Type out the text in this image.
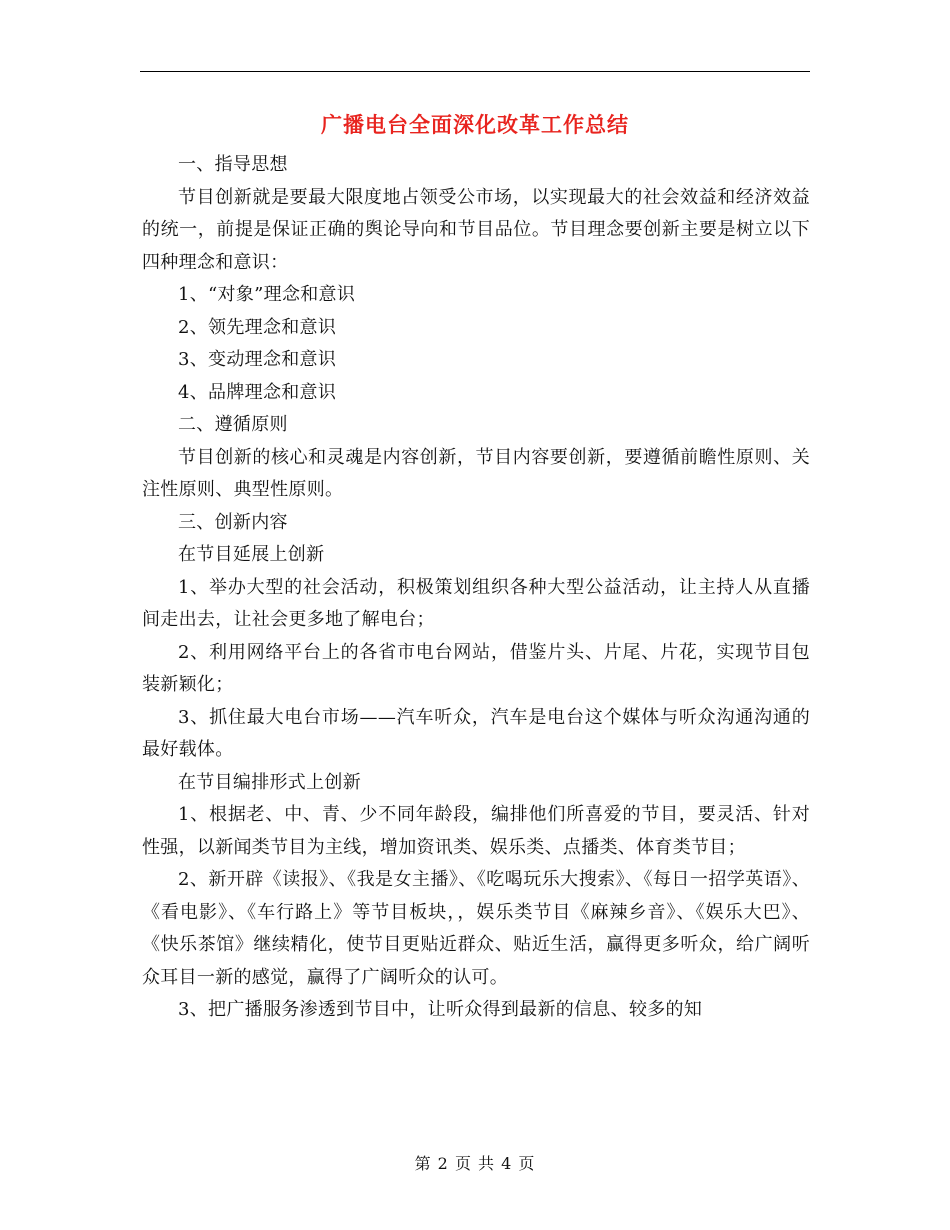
广播电台全面深化改革工作总结

一、指导思想

节目创新就是要最大限度地占领受公市场，以实现最大的社会效益和经济效益的统一，前提是保证正确的舆论导向和节目品位。节目理念要创新主要是树立以下四种理念和意识：

1、“对象”理念和意识

2、领先理念和意识

3、变动理念和意识

4、品牌理念和意识

二、遵循原则

节目创新的核心和灵魂是内容创新，节目内容要创新，要遵循前瞻性原则、关注性原则、典型性原则。

三、创新内容

在节目延展上创新

1、举办大型的社会活动，积极策划组织各种大型公益活动，让主持人从直播间走出去，让社会更多地了解电台；

2、利用网络平台上的各省市电台网站，借鉴片头、片尾、片花，实现节目包装新颖化；

3、抓住最大电台市场——汽车听众，汽车是电台这个媒体与听众沟通沟通的最好载体。

在节目编排形式上创新

1、根据老、中、青、少不同年龄段，编排他们所喜爱的节目，要灵活、针对性强，以新闻类节目为主线，增加资讯类、娱乐类、点播类、体育类节目；

2、新开辟《读报》、《我是女主播》、《吃喝玩乐大搜索》、《每日一招学英语》、《看电影》、《车行路上》等节目板块，，娱乐类节目《麻辣乡音》、《娱乐大巴》、《快乐茶馆》继续精化，使节目更贴近群众、贴近生活，赢得更多听众，给广阔听众耳目一新的感觉，赢得了广阔听众的认可。

3、把广播服务渗透到节目中，让听众得到最新的信息、较多的知

第 2 页 共 4 页
